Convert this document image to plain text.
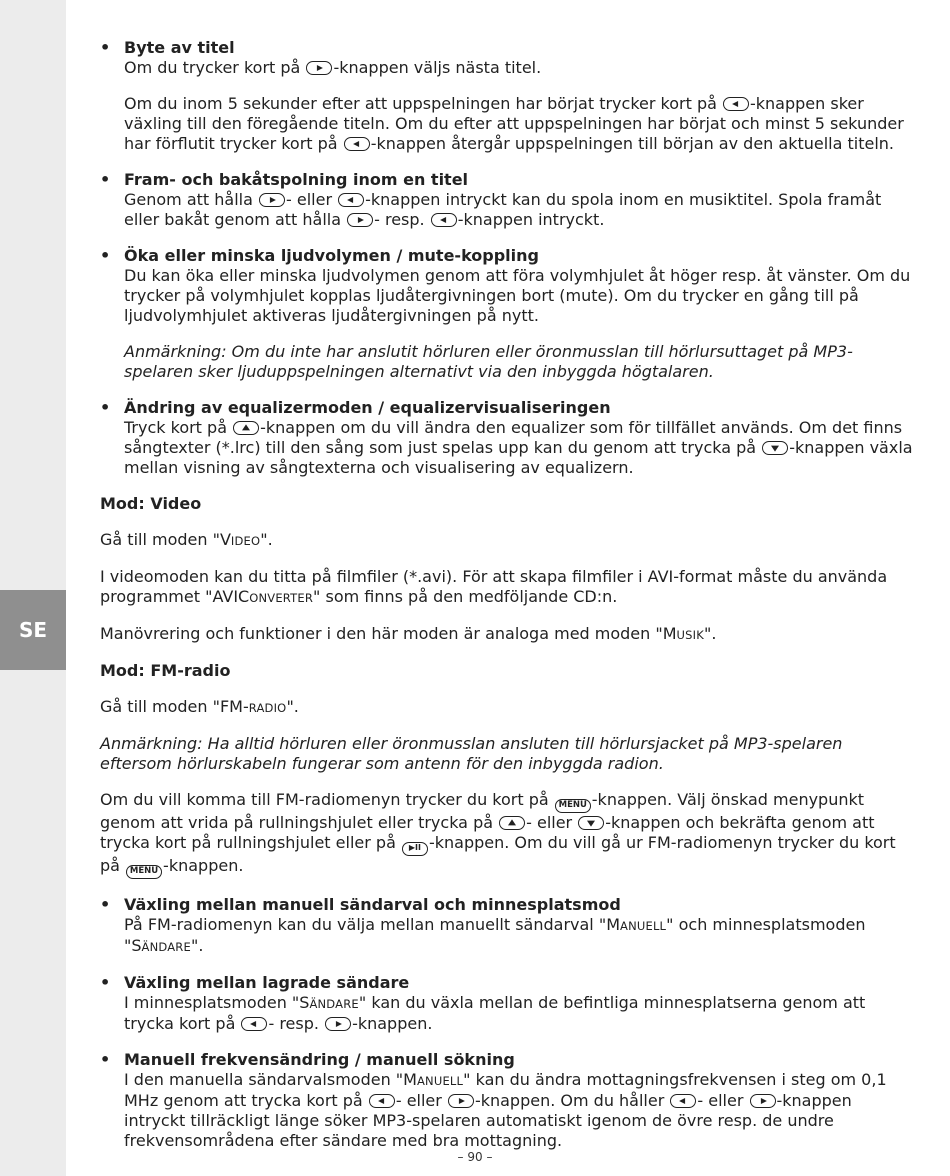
SE
• Byte av titel
Om du trycker kort på -knappen väljs nästa titel.
Om du inom 5 sekunder efter att uppspelningen har börjat trycker kort på -knappen sker växling till den föregående titeln. Om du efter att uppspelningen har börjat och minst 5 sekunder har förflutit trycker kort på -knappen återgår uppspelningen till början av den aktuella titeln.
• Fram- och bakåtspolning inom en titel
Genom att hålla - eller -knappen intryckt kan du spola inom en musiktitel. Spola framåt eller bakåt genom att hålla - resp. -knappen intryckt.
• Öka eller minska ljudvolymen / mute-koppling
Du kan öka eller minska ljudvolymen genom att föra volymhjulet åt höger resp. åt vänster. Om du trycker på volymhjulet kopplas ljudåtergivningen bort (mute). Om du trycker en gång till på ljudvolymhjulet aktiveras ljudåtergivningen på nytt.
Anmärkning: Om du inte har anslutit hörluren eller öronmusslan till hörlursuttaget på MP3-spelaren sker ljuduppspelningen alternativt via den inbyggda högtalaren.
• Ändring av equalizermoden / equalizervisualiseringen
Tryck kort på -knappen om du vill ändra den equalizer som för tillfället används. Om det finns sångtexter (*.lrc) till den sång som just spelas upp kan du genom att trycka på -knappen växla mellan visning av sångtexterna och visualisering av equalizern.
Mod: Video
Gå till moden "VIDEO".
I videomoden kan du titta på filmfiler (*.avi). För att skapa filmfiler i AVI-format måste du använda programmet "AVICONVERTER" som finns på den medföljande CD:n.
Manövrering och funktioner i den här moden är analoga med moden "MUSIK".
Mod: FM-radio
Gå till moden "FM-RADIO".
Anmärkning: Ha alltid hörluren eller öronmusslan ansluten till hörlursjacket på MP3-spelaren eftersom hörlurskabeln fungerar som antenn för den inbyggda radion.
Om du vill komma till FM-radiomenyn trycker du kort på MENU -knappen. Välj önskad menypunkt genom att vrida på rullningshjulet eller trycka på - eller -knappen och bekräfta genom att trycka kort på rullningshjulet eller på ▶II -knappen. Om du vill gå ur FM-radiomenyn trycker du kort på MENU -knappen.
• Växling mellan manuell sändarval och minnesplatsmod
På FM-radiomenyn kan du välja mellan manuellt sändarval "MANUELL" och minnesplatsmoden "SÄNDARE".
• Växling mellan lagrade sändare
I minnesplatsmoden "SÄNDARE" kan du växla mellan de befintliga minnesplatserna genom att trycka kort på - resp. -knappen.
• Manuell frekvensändring / manuell sökning
I den manuella sändarvalsmoden "MANUELL" kan du ändra mottagningsfrekvensen i steg om 0,1 MHz genom att trycka kort på - eller -knappen. Om du håller - eller -knappen intryckt tillräckligt länge söker MP3-spelaren automatiskt igenom de övre resp. de undre frekvensområdena efter sändare med bra mottagning.
– 90 –
